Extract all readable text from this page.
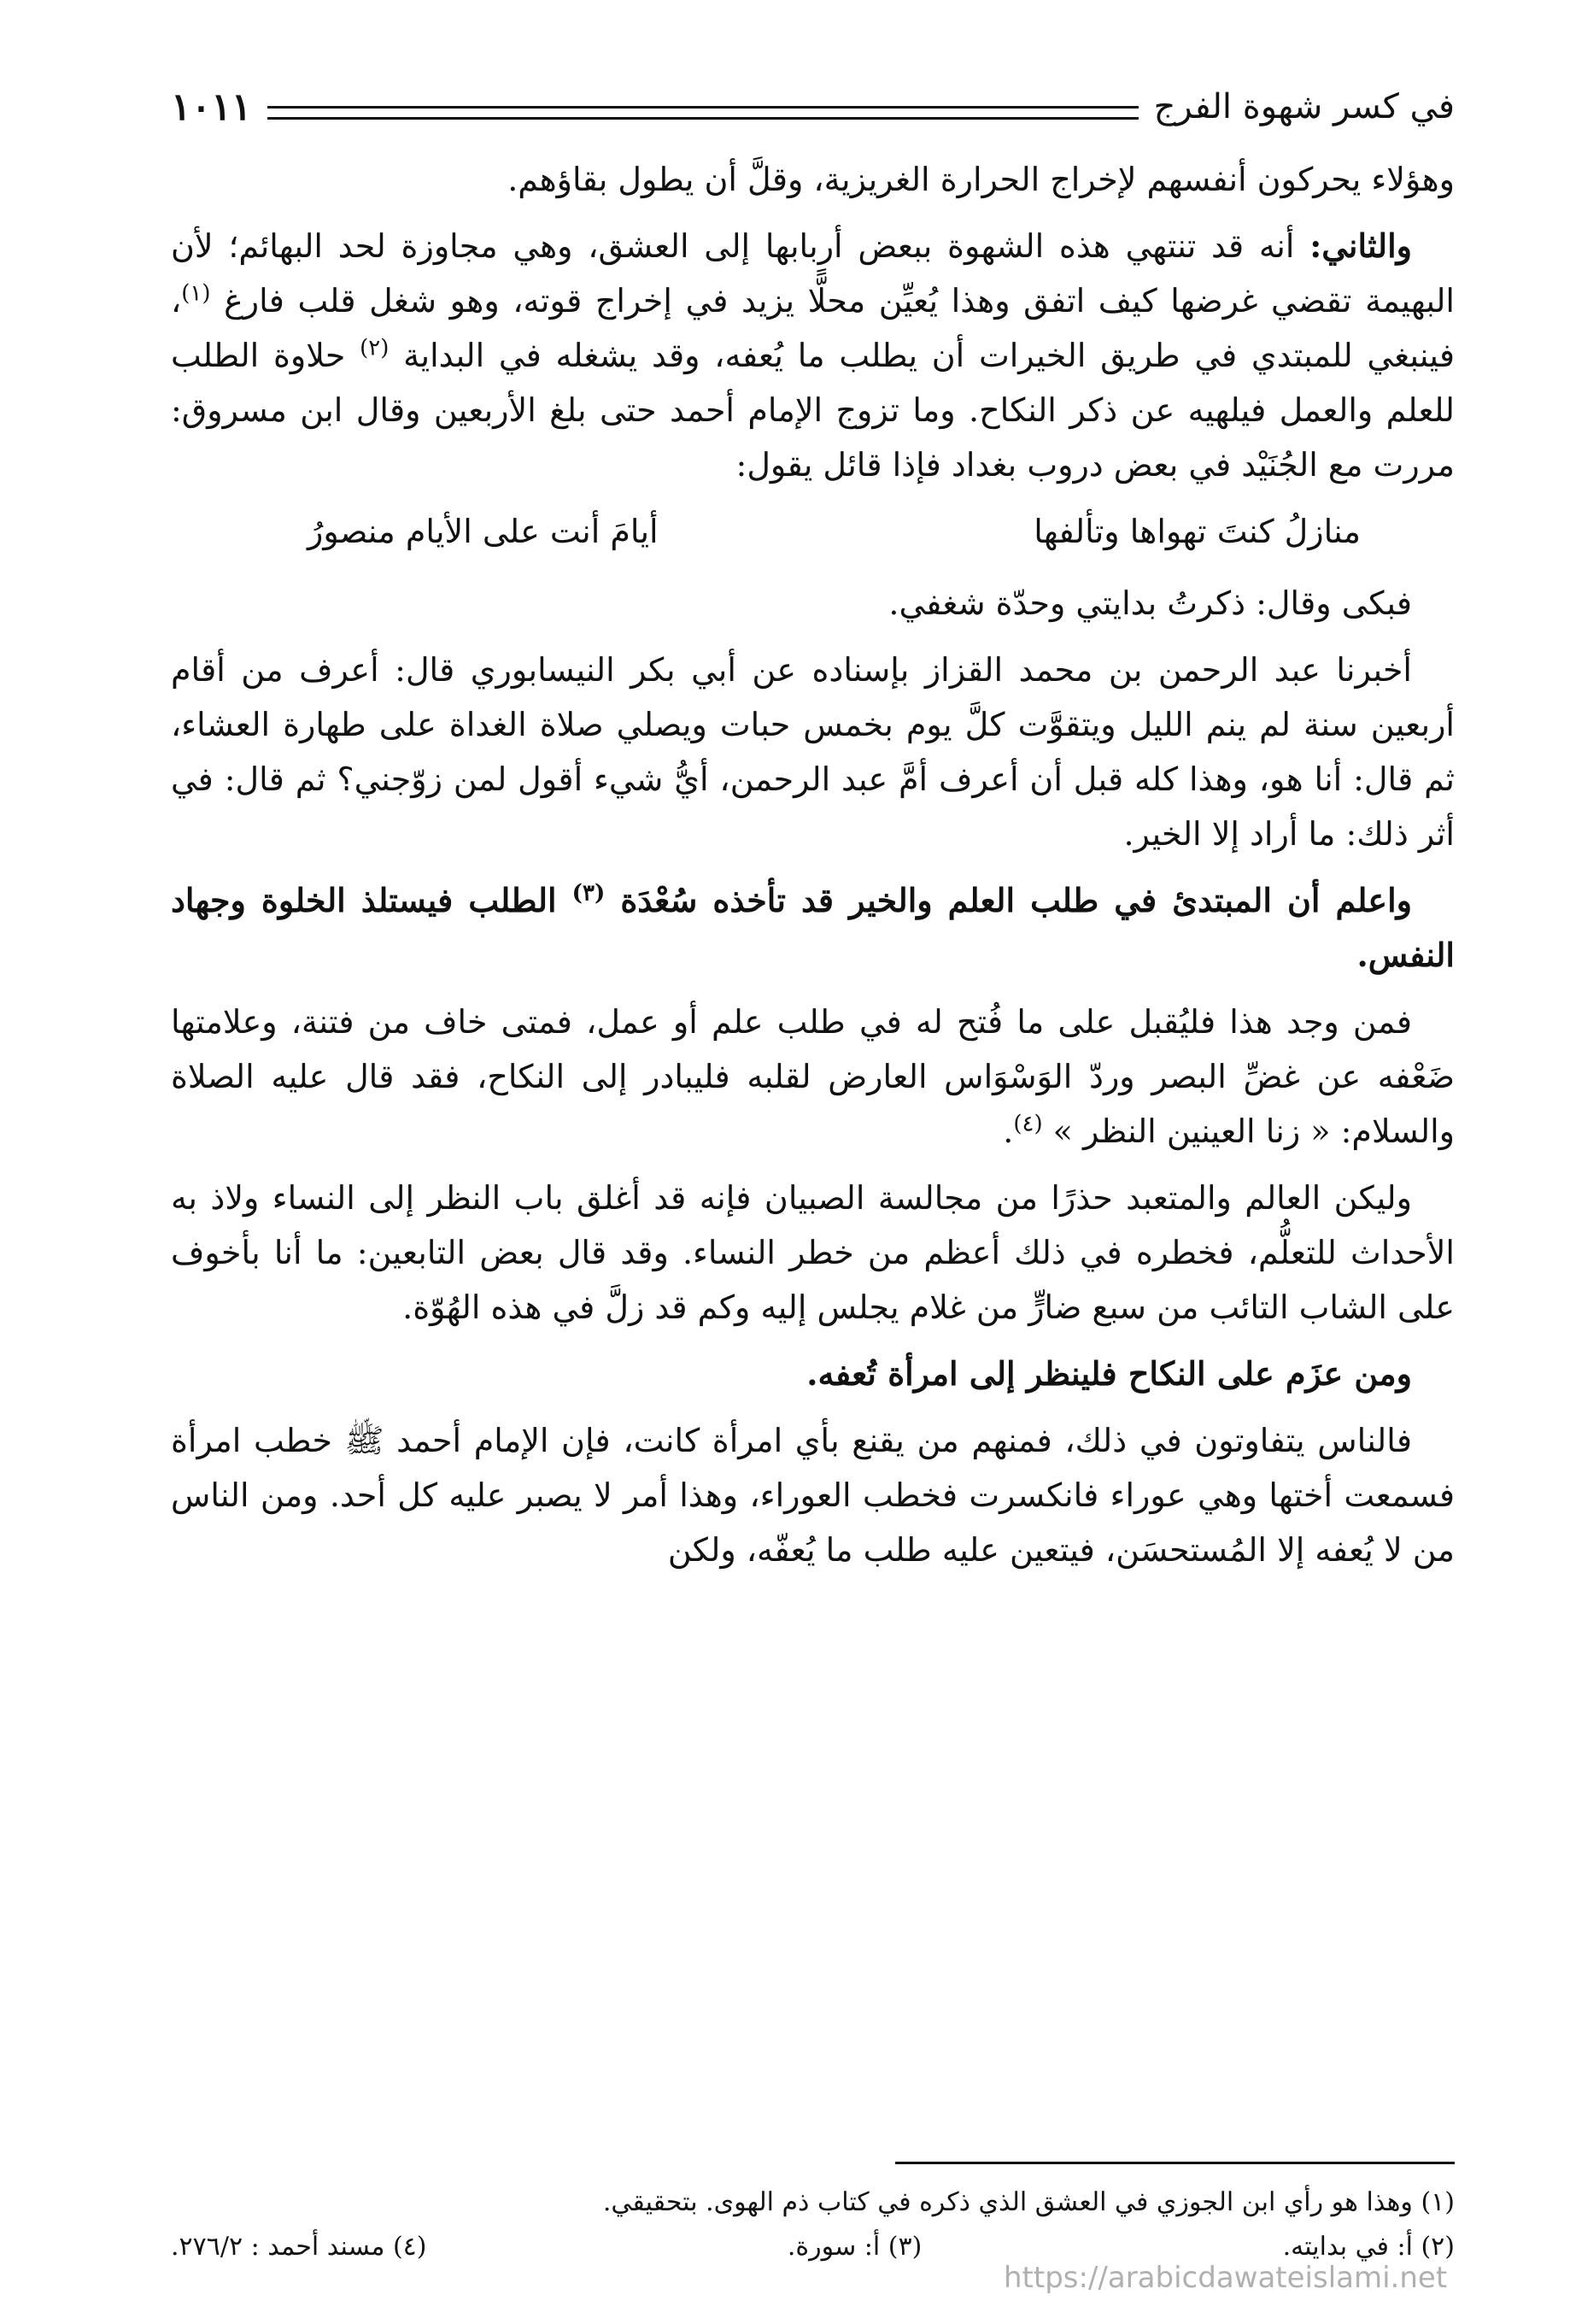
في كسر شهوة الفرج
١٠١١

وهؤلاء يحركون أنفسهم لإخراج الحرارة الغريزية، وقلَّ أن يطول بقاؤهم.

والثاني: أنه قد تنتهي هذه الشهوة ببعض أربابها إلى العشق، وهي مجاوزة لحد البهائم؛ لأن البهيمة تقضي غرضها كيف اتفق وهذا يُعيِّن محلًّا يزيد في إخراج قوته، وهو شغل قلب فارغ $^{(١)}$، فينبغي للمبتدي في طريق الخيرات أن يطلب ما يُعفه، وقد يشغله في البداية $^{(٢)}$ حلاوة الطلب للعلم والعمل فيلهيه عن ذكر النكاح. وما تزوج الإمام أحمد حتى بلغ الأربعين وقال ابن مسروق: مررت مع الجُنَيْد في بعض دروب بغداد فإذا قائل يقول:

منازلُ كنتَ تهواها وتألفها
أيامَ أنت على الأيام منصورُ

فبكى وقال: ذكرتُ بدايتي وحدّة شغفي.

أخبرنا عبد الرحمن بن محمد القزاز بإسناده عن أبي بكر النيسابوري قال: أعرف من أقام أربعين سنة لم ينم الليل ويتقوَّت كلَّ يوم بخمس حبات ويصلي صلاة الغداة على طهارة العشاء، ثم قال: أنا هو، وهذا كله قبل أن أعرف أمَّ عبد الرحمن، أيُّ شيء أقول لمن زوّجني؟ ثم قال: في أثر ذلك: ما أراد إلا الخير.

واعلم أن المبتدئ في طلب العلم والخير قد تأخذه سُعْدَة $^{(٣)}$ الطلب فيستلذ الخلوة وجهاد النفس.

فمن وجد هذا فليُقبل على ما فُتح له في طلب علم أو عمل، فمتى خاف من فتنة، وعلامتها ضَعْفه عن غضِّ البصر وردّ الوَسْوَاس العارض لقلبه فليبادر إلى النكاح، فقد قال عليه الصلاة والسلام: « زنا العينين النظر » $^{(٤)}$.

وليكن العالم والمتعبد حذرًا من مجالسة الصبيان فإنه قد أغلق باب النظر إلى النساء ولاذ به الأحداث للتعلُّم، فخطره في ذلك أعظم من خطر النساء. وقد قال بعض التابعين: ما أنا بأخوف على الشاب التائب من سبع ضارٍّ من غلام يجلس إليه وكم قد زلَّ في هذه الهُوّة.

ومن عزَم على النكاح فلينظر إلى امرأة تُعفه.

فالناس يتفاوتون في ذلك، فمنهم من يقنع بأي امرأة كانت، فإن الإمام أحمد ﷺ خطب امرأة فسمعت أختها وهي عوراء فانكسرت فخطب العوراء، وهذا أمر لا يصبر عليه كل أحد. ومن الناس من لا يُعفه إلا المُستحسَن، فيتعين عليه طلب ما يُعفّه، ولكن

(١) وهذا هو رأي ابن الجوزي في العشق الذي ذكره في كتاب ذم الهوى. بتحقيقي.
(٢) أ: في بدايته.
(٣) أ: سورة.
(٤) مسند أحمد : ٢٧٦/٢.
https://arabicdawateislami.net
